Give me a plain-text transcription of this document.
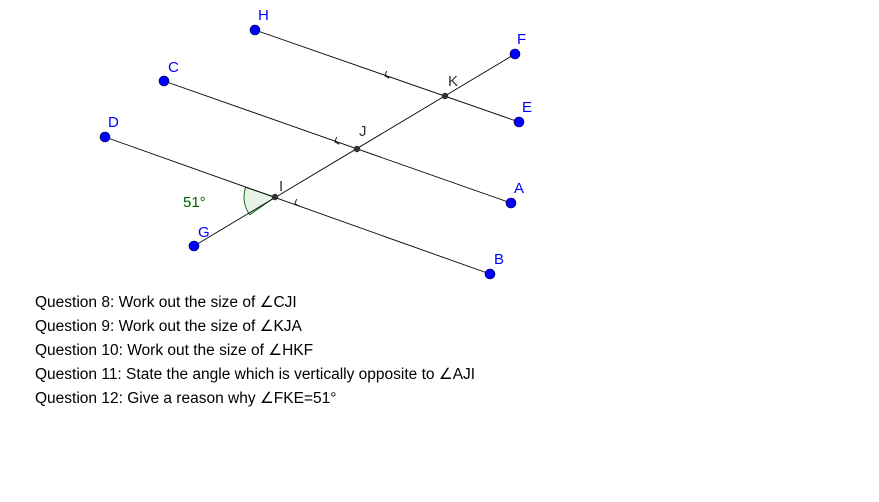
51°
H
F
C
E
D
A
G
B
K
J
I
Question 8: Work out the size of ∠CJI
Question 9: Work out the size of ∠KJA
Question 10: Work out the size of ∠HKF
Question 11: State the angle which is vertically opposite to ∠AJI
Question 12: Give a reason why ∠FKE=51°
